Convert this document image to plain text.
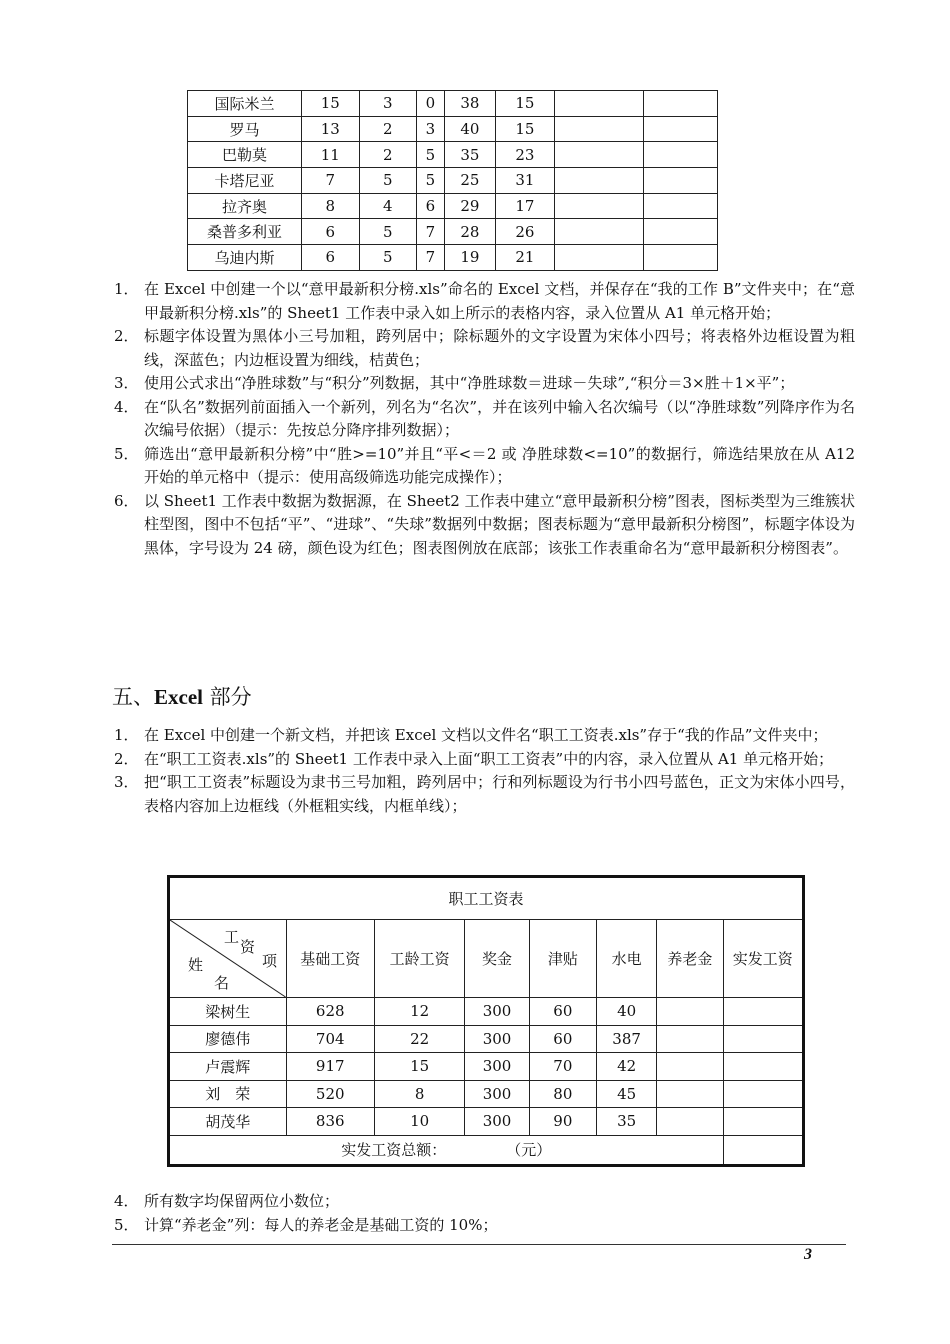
国际米兰	15	3	0	38	15		
罗马	13	2	3	40	15		
巴勒莫	11	2	5	35	23		
卡塔尼亚	7	5	5	25	31		
拉齐奥	8	4	6	29	17		
桑普多利亚	6	5	7	28	26		
乌迪内斯	6	5	7	19	21		
1． 在 Excel 中创建一个以“意甲最新积分榜.xls”命名的 Excel 文档，并保存在“我的工作 B”文件夹中；在“意甲最新积分榜.xls”的 Sheet1 工作表中录入如上所示的表格内容，录入位置从 A1 单元格开始；
2． 标题字体设置为黑体小三号加粗，跨列居中；除标题外的文字设置为宋体小四号；将表格外边框设置为粗线，深蓝色；内边框设置为细线，桔黄色；
3． 使用公式求出“净胜球数”与“积分”列数据，其中“净胜球数＝进球－失球”,“积分＝3×胜＋1×平”；
4． 在“队名”数据列前面插入一个新列，列名为“名次”，并在该列中输入名次编号（以“净胜球数”列降序作为名次编号依据）（提示：先按总分降序排列数据）；
5． 筛选出“意甲最新积分榜”中“胜>=10”并且“平<＝2 或 净胜球数<=10”的数据行，筛选结果放在从 A12 开始的单元格中（提示：使用高级筛选功能完成操作）；
6． 以 Sheet1 工作表中数据为数据源，在 Sheet2 工作表中建立“意甲最新积分榜”图表，图标类型为三维簇状柱型图，图中不包括“平”、“进球”、“失球”数据列中数据；图表标题为“意甲最新积分榜图”，标题字体设为黑体，字号设为 24 磅，颜色设为红色；图表图例放在底部；该张工作表重命名为“意甲最新积分榜图表”。
五、Excel 部分
1． 在 Excel 中创建一个新文档，并把该 Excel 文档以文件名“职工工资表.xls”存于“我的作品”文件夹中；
2． 在“职工工资表.xls”的 Sheet1 工作表中录入上面“职工工资表”中的内容，录入位置从 A1 单元格开始；
3． 把“职工工资表”标题设为隶书三号加粗，跨列居中；行和列标题设为行书小四号蓝色，正文为宋体小四号，表格内容加上边框线（外框粗实线，内框单线）；
职工工资表							

工
资
项
姓
名	基础工资	工龄工资	奖金	津贴	水电	养老金	实发工资
梁树生	628	12	300	60	40		
廖德伟	704	22	300	60	387		
卢震辉	917	15	300	70	42		
刘　荣	520	8	300	80	45		
胡茂华	836	10	300	90	35		
实发工资总额： （元）							
4． 所有数字均保留两位小数位；
5． 计算“养老金”列：每人的养老金是基础工资的 10%；
3
